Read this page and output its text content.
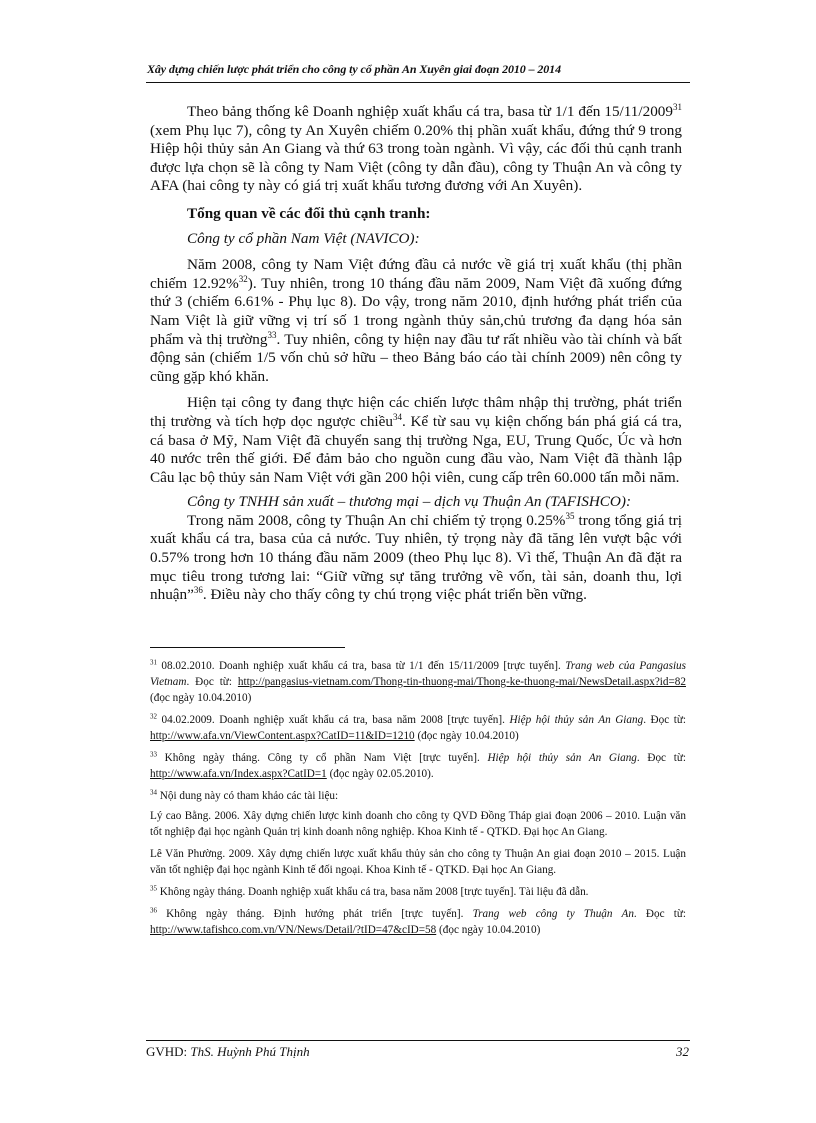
Xây dựng chiến lược phát triển cho công ty cổ phần An Xuyên giai đoạn 2010 – 2014

Theo bảng thống kê Doanh nghiệp xuất khẩu cá tra, basa từ 1/1 đến 15/11/2009$^{31}$ (xem Phụ lục 7), công ty An Xuyên chiếm 0.20% thị phần xuất khẩu, đứng thứ 9 trong Hiệp hội thủy sản An Giang và thứ 63 trong toàn ngành. Vì vậy, các đối thủ cạnh tranh được lựa chọn sẽ là công ty Nam Việt (công ty dẫn đầu), công ty Thuận An và công ty AFA (hai công ty này có giá trị xuất khẩu tương đương với An Xuyên).

Tổng quan về các đối thủ cạnh tranh:

Công ty cổ phần Nam Việt (NAVICO):

Năm 2008, công ty Nam Việt đứng đầu cả nước về giá trị xuất khẩu (thị phần chiếm 12.92%$^{32}$). Tuy nhiên, trong 10 tháng đầu năm 2009, Nam Việt đã xuống đứng thứ 3 (chiếm 6.61% - Phụ lục 8). Do vậy, trong năm 2010, định hướng phát triển của Nam Việt là giữ vững vị trí số 1 trong ngành thủy sản,chủ trương đa dạng hóa sản phẩm và thị trường$^{33}$. Tuy nhiên, công ty hiện nay đầu tư rất nhiều vào tài chính và bất động sản (chiếm 1/5 vốn chủ sở hữu – theo Bảng báo cáo tài chính 2009) nên công ty cũng gặp khó khăn.

Hiện tại công ty đang thực hiện các chiến lược thâm nhập thị trường, phát triển thị trường và tích hợp dọc ngược chiều$^{34}$. Kể từ sau vụ kiện chống bán phá giá cá tra, cá basa ở Mỹ, Nam Việt đã chuyển sang thị trường Nga, EU, Trung Quốc, Úc và hơn 40 nước trên thế giới. Để đảm bảo cho nguồn cung đầu vào, Nam Việt đã thành lập Câu lạc bộ thủy sản Nam Việt với gần 200 hội viên, cung cấp trên 60.000 tấn mỗi năm.

Công ty TNHH sản xuất – thương mại – dịch vụ Thuận An (TAFISHCO):

Trong năm 2008, công ty Thuận An chỉ chiếm tỷ trọng 0.25%$^{35}$ trong tổng giá trị xuất khẩu cá tra, basa của cả nước. Tuy nhiên, tỷ trọng này đã tăng lên vượt bậc với 0.57% trong hơn 10 tháng đầu năm 2009 (theo Phụ lục 8). Vì thế, Thuận An đã đặt ra mục tiêu trong tương lai: “Giữ vững sự tăng trưởng về vốn, tài sản, doanh thu, lợi nhuận”$^{36}$. Điều này cho thấy công ty chú trọng việc phát triển bền vững.

$^{31}$ 08.02.2010. Doanh nghiệp xuất khẩu cá tra, basa từ 1/1 đến 15/11/2009 [trực tuyến]. Trang web của Pangasius Vietnam. Đọc từ: http://pangasius-vietnam.com/Thong-tin-thuong-mai/Thong-ke-thuong-mai/NewsDetail.aspx?id=82 (đọc ngày 10.04.2010)

$^{32}$ 04.02.2009. Doanh nghiệp xuất khẩu cá tra, basa năm 2008 [trực tuyến]. Hiệp hội thủy sản An Giang. Đọc từ: http://www.afa.vn/ViewContent.aspx?CatID=11&ID=1210 (đọc ngày 10.04.2010)

$^{33}$ Không ngày tháng. Công ty cổ phần Nam Việt [trực tuyến]. Hiệp hội thủy sản An Giang. Đọc từ: http://www.afa.vn/Index.aspx?CatID=1 (đọc ngày 02.05.2010).

$^{34}$ Nội dung này có tham khảo các tài liệu:

Lý cao Bằng. 2006. Xây dựng chiến lược kinh doanh cho công ty QVD Đồng Tháp giai đoạn 2006 – 2010. Luận văn tốt nghiệp đại học ngành Quản trị kinh doanh nông nghiệp. Khoa Kinh tế - QTKD. Đại học An Giang.

Lê Văn Phường. 2009. Xây dựng chiến lược xuất khẩu thủy sản cho công ty Thuận An giai đoạn 2010 – 2015. Luận văn tốt nghiệp đại học ngành Kinh tế đối ngoại. Khoa Kinh tế - QTKD. Đại học An Giang.

$^{35}$ Không ngày tháng. Doanh nghiệp xuất khẩu cá tra, basa năm 2008 [trực tuyến]. Tài liệu đã dẫn.

$^{36}$ Không ngày tháng. Định hướng phát triển [trực tuyến]. Trang web công ty Thuận An. Đọc từ: http://www.tafishco.com.vn/VN/News/Detail/?tID=47&cID=58 (đọc ngày 10.04.2010)

GVHD: ThS. Huỳnh Phú Thịnh	32
